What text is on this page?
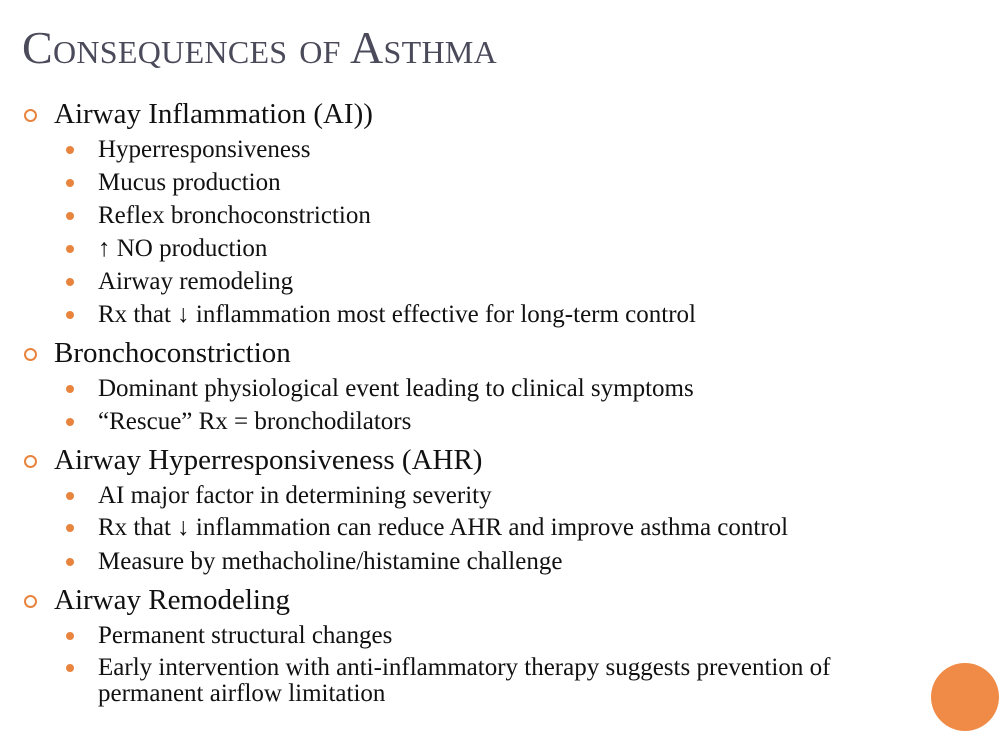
Consequences of Asthma
Airway Inflammation (AI))
Hyperresponsiveness
Mucus production
Reflex bronchoconstriction
↑ NO production
Airway remodeling
Rx that ↓ inflammation most effective for long-term control
Bronchoconstriction
Dominant physiological event leading to clinical symptoms
“Rescue” Rx = bronchodilators
Airway Hyperresponsiveness (AHR)
AI major factor in determining severity
Rx that ↓ inflammation can reduce AHR and improve asthma control
Measure by methacholine/histamine challenge
Airway Remodeling
Permanent structural changes
Early intervention with anti-inflammatory therapy suggests prevention of permanent airflow limitation
